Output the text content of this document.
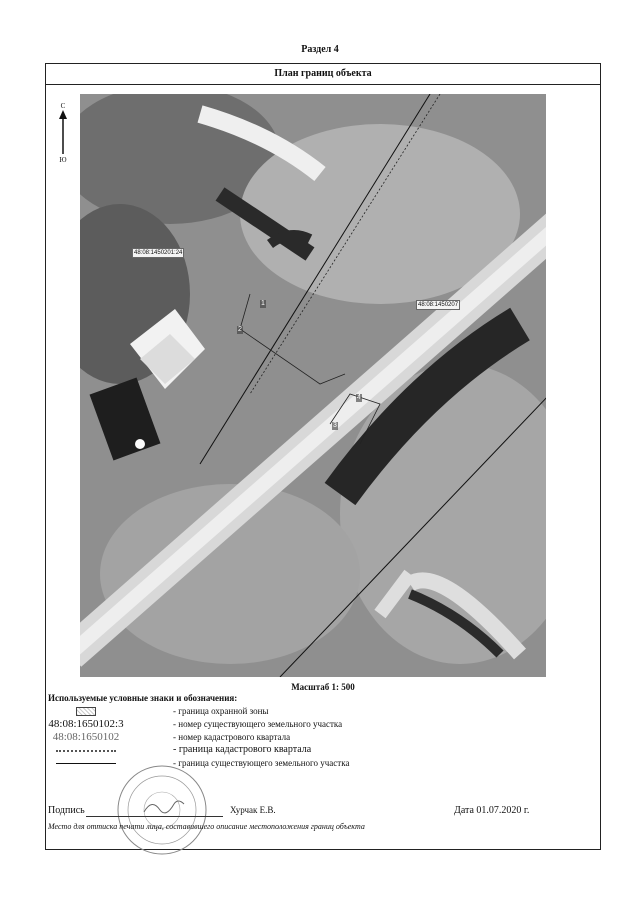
Раздел 4
План границ объекта
С
Ю
48:08:1450201:24
48:08:1450207
1
2
3
4
Масштаб 1: 500
Используемые условные знаки и обозначения:
- граница охранной зоны
48:08:1650102:3	- номер существующего земельного участка
48:08:1650102	- номер кадастрового квартала
- граница кадастрового квартала
- граница существующего земельного участка
Подпись	Хурчак Е.В.	Дата 01.07.2020 г.
Место для оттиска печати лица, составившего описание местоположения границ объекта
